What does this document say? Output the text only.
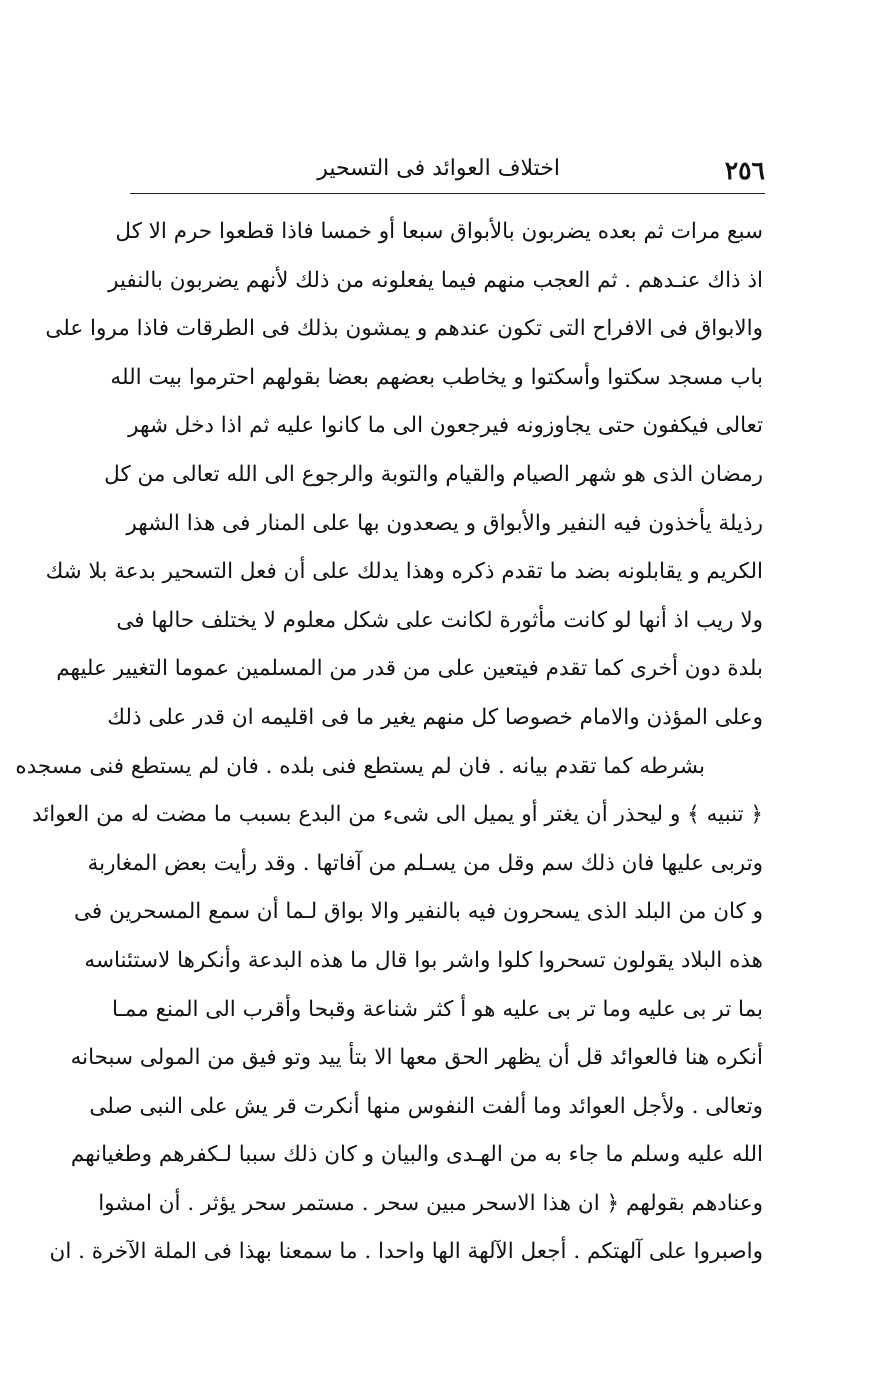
٢٥٦
اختلاف العوائد فى التسحير
سبع مرات ثم بعده يضربون بالأبواق سبعا أو خمسا فاذا قطعوا حرم الا كل
اذ ذاك عنـدهم . ثم العجب منهم فيما يفعلونه من ذلك لأنهم يضربون بالنفير
والابواق فى الافراح التى تكون عندهم و يمشون بذلك فى الطرقات فاذا مروا على
باب مسجد سكتوا وأسكتوا و يخاطب بعضهم بعضا بقولهم احترموا بيت الله
تعالى فيكفون حتى يجاوزونه فيرجعون الى ما كانوا عليه ثم اذا دخل شهر
رمضان الذى هو شهر الصيام والقيام والتوبة والرجوع الى الله تعالى من كل
رذيلة يأخذون فيه النفير والأبواق و يصعدون بها على المنار فى هذا الشهر
الكريم و يقابلونه بضد ما تقدم ذكره وهذا يدلك على أن فعل التسحير بدعة بلا شك
ولا ريب اذ أنها لو كانت مأثورة لكانت على شكل معلوم لا يختلف حالها فى
بلدة دون أخرى كما تقدم فيتعين على من قدر من المسلمين عموما التغيير عليهم
وعلى المؤذن والامام خصوصا كل منهم يغير ما فى اقليمه ان قدر على ذلك
بشرطه كما تقدم بيانه . فان لم يستطع فنى بلده . فان لم يستطع فنى مسجده
﴿ تنبيه ﴾ و ليحذر أن يغتر أو يميل الى شىء من البدع بسبب ما مضت له من العوائد
وتربى عليها فان ذلك سم وقل من يسـلم من آفاتها . وقد رأيت بعض المغاربة
و كان من البلد الذى يسحرون فيه بالنفير والا بواق لـما أن سمع المسحرين فى
هذه البلاد يقولون تسحروا كلوا واشر بوا قال ما هذه البدعة وأنكرها لاستئناسه
بما تر بى عليه وما تر بى عليه هو أ كثر شناعة وقبحا وأقرب الى المنع ممـا
أنكره هنا فالعوائد قل أن يظهر الحق معها الا بتأ ييد وتو فيق من المولى سبحانه
وتعالى . ولأجل العوائد وما ألفت النفوس منها أنكرت قر يش على النبى صلى
الله عليه وسلم ما جاء به من الهـدى والبيان و كان ذلك سببا لـكفرهم وطغيانهم
وعنادهم بقولهم ﴿ ان هذا الاسحر مبين سحر . مستمر سحر يؤثر . أن امشوا
واصبروا على آلهتكم . أجعل الآلهة الها واحدا . ما سمعنا بهذا فى الملة الآخرة . ان
